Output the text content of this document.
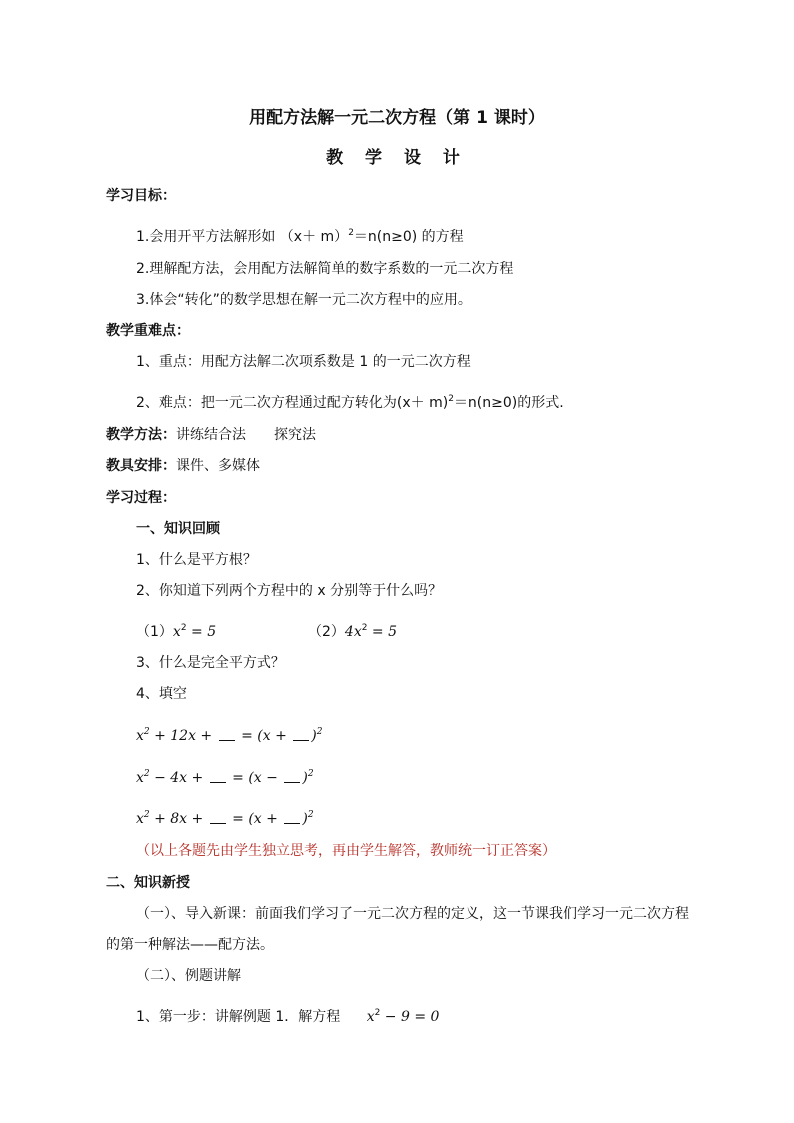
用配方法解一元二次方程（第 1 课时）
教 学 设 计
学习目标：
1.会用开平方法解形如 $(x+ m)^2=n(n\ge 0)$ 的方程
2.理解配方法，会用配方法解简单的数字系数的一元二次方程
3.体会“转化”的数学思想在解一元二次方程中的应用。
教学重难点：
1、重点：用配方法解二次项系数是 1 的一元二次方程
2、难点：把一元二次方程通过配方转化为$(x+ m)^2=n(n\ge 0)$的形式.
教学方法：讲练结合法　　探究法
教具安排：课件、多媒体
学习过程：
一、知识回顾
1、什么是平方根？
2、你知道下列两个方程中的 x 分别等于什么吗？
$(1)x^2 = 5$	$(2)4x^2 = 5$
3、什么是完全平方式？
4、填空
$x^2 + 12x$ +  = $(x + )^2$
$x^2 - 4x$ +  = $(x - )^2$
$x^2 + 8x$ +  = $(x + )^2$
（以上各题先由学生独立思考，再由学生解答，教师统一订正答案）
二、知识新授
（一）、导入新课：前面我们学习了一元二次方程的定义，这一节课我们学习一元二次方程
的第一种解法——配方法。
（二）、例题讲解
1、第一步：讲解例题 1．解方程 $x^2 - 9 = 0$
